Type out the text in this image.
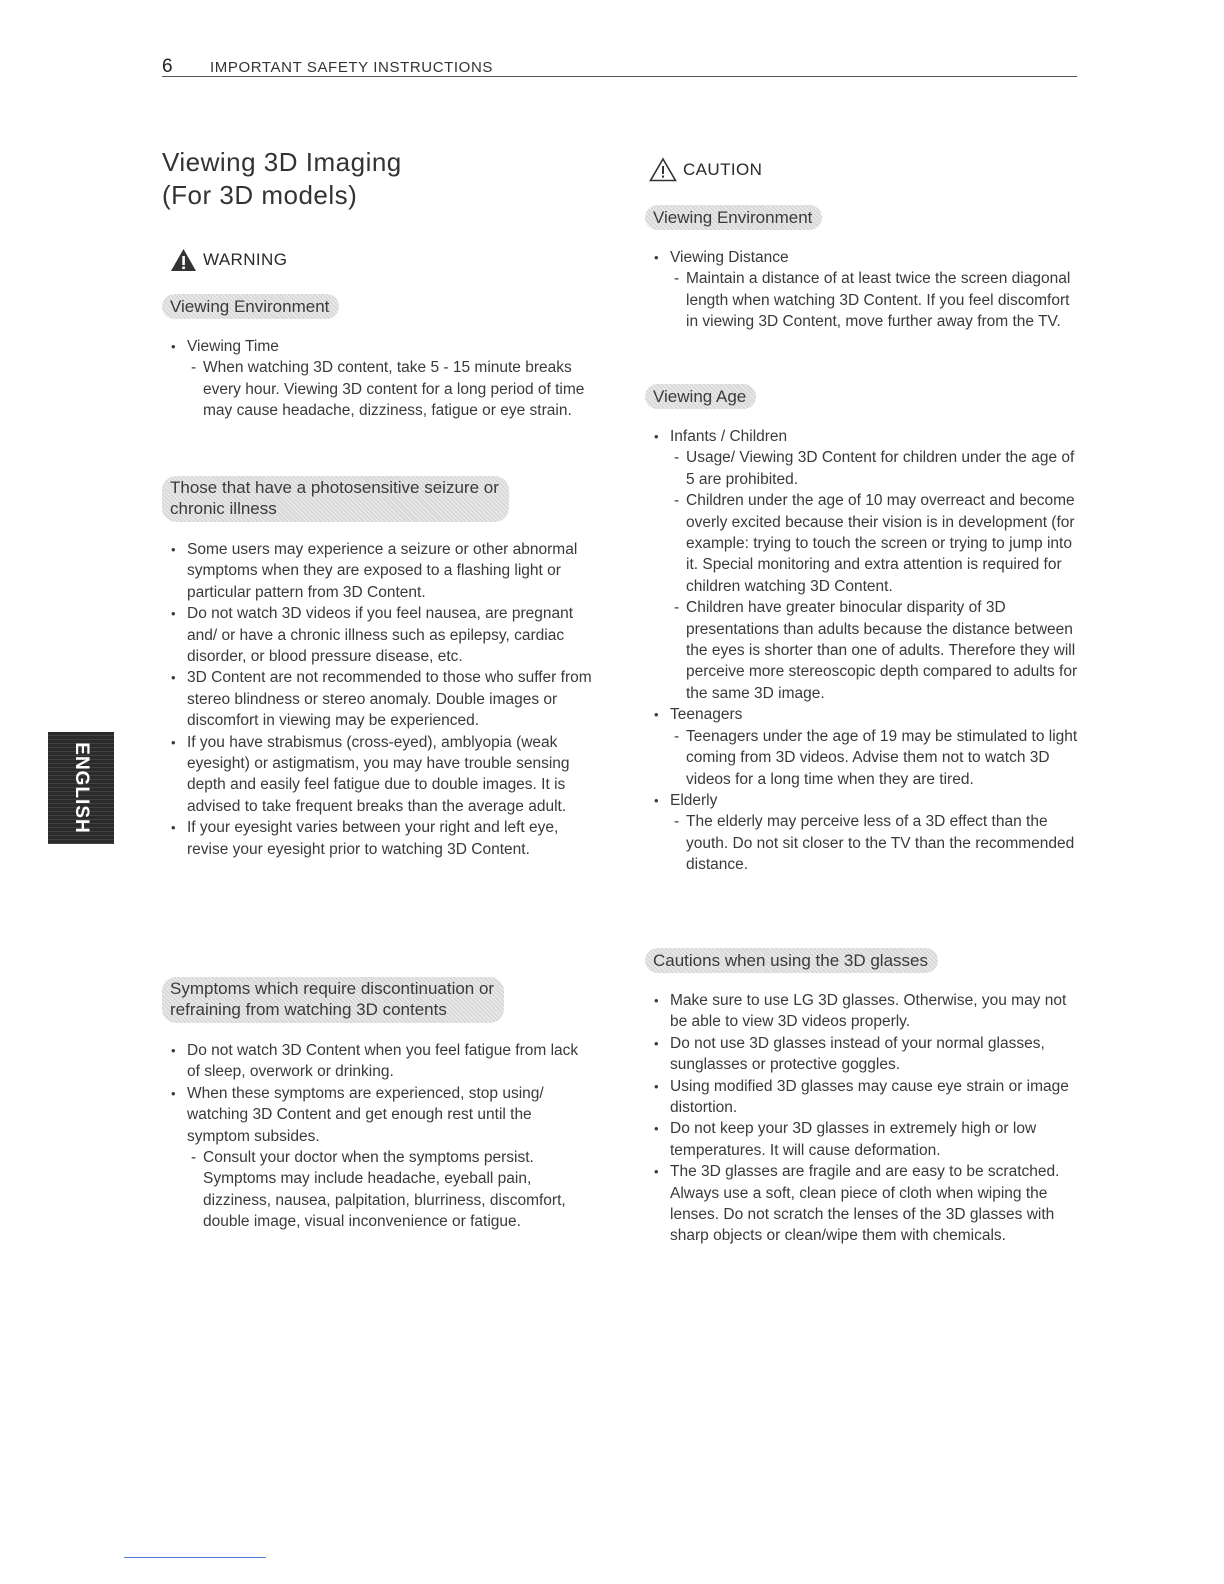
6 IMPORTANT SAFETY INSTRUCTIONS
ENGLISH
Viewing 3D Imaging
(For 3D models)
WARNING
Viewing Environment
• Viewing Time
- When watching 3D content, take 5 - 15 minute breaks every hour. Viewing 3D content for a long period of time may cause headache, dizziness, fatigue or eye strain.
Those that have a photosensitive seizure or
chronic illness
• Some users may experience a seizure or other abnormal symptoms when they are exposed to a flashing light or particular pattern from 3D Content.
• Do not watch 3D videos if you feel nausea, are pregnant and/ or have a chronic illness such as epilepsy, cardiac disorder, or blood pressure disease, etc.
• 3D Content are not recommended to those who suffer from stereo blindness or stereo anomaly. Double images or discomfort in viewing may be experienced.
• If you have strabismus (cross-eyed), amblyopia (weak eyesight) or astigmatism, you may have trouble sensing depth and easily feel fatigue due to double images. It is advised to take frequent breaks than the average adult.
• If your eyesight varies between your right and left eye, revise your eyesight prior to watching 3D Content.
Symptoms which require discontinuation or
refraining from watching 3D contents
• Do not watch 3D Content when you feel fatigue from lack of sleep, overwork or drinking.
• When these symptoms are experienced, stop using/ watching 3D Content and get enough rest until the symptom subsides.
- Consult your doctor when the symptoms persist. Symptoms may include headache, eyeball pain, dizziness, nausea, palpitation, blurriness, discomfort, double image, visual inconvenience or fatigue.
CAUTION
Viewing Environment
• Viewing Distance
- Maintain a distance of at least twice the screen diagonal length when watching 3D Content. If you feel discomfort in viewing 3D Content, move further away from the TV.
Viewing Age
• Infants / Children
- Usage/ Viewing 3D Content for children under the age of 5 are prohibited.
- Children under the age of 10 may overreact and become overly excited because their vision is in development (for example: trying to touch the screen or trying to jump into it. Special monitoring and extra attention is required for children watching 3D Content.
- Children have greater binocular disparity of 3D presentations than adults because the distance between the eyes is shorter than one of adults. Therefore they will perceive more stereoscopic depth compared to adults for the same 3D image.
• Teenagers
- Teenagers under the age of 19 may be stimulated to light coming from 3D videos. Advise them not to watch 3D videos for a long time when they are tired.
• Elderly
- The elderly may perceive less of a 3D effect than the youth. Do not sit closer to the TV than the recommended distance.
Cautions when using the 3D glasses
• Make sure to use LG 3D glasses. Otherwise, you may not be able to view 3D videos properly.
• Do not use 3D glasses instead of your normal glasses, sunglasses or protective goggles.
• Using modified 3D glasses may cause eye strain or image distortion.
• Do not keep your 3D glasses in extremely high or low temperatures. It will cause deformation.
• The 3D glasses are fragile and are easy to be scratched. Always use a soft, clean piece of cloth when wiping the lenses. Do not scratch the lenses of the 3D glasses with sharp objects or clean/wipe them with chemicals.
